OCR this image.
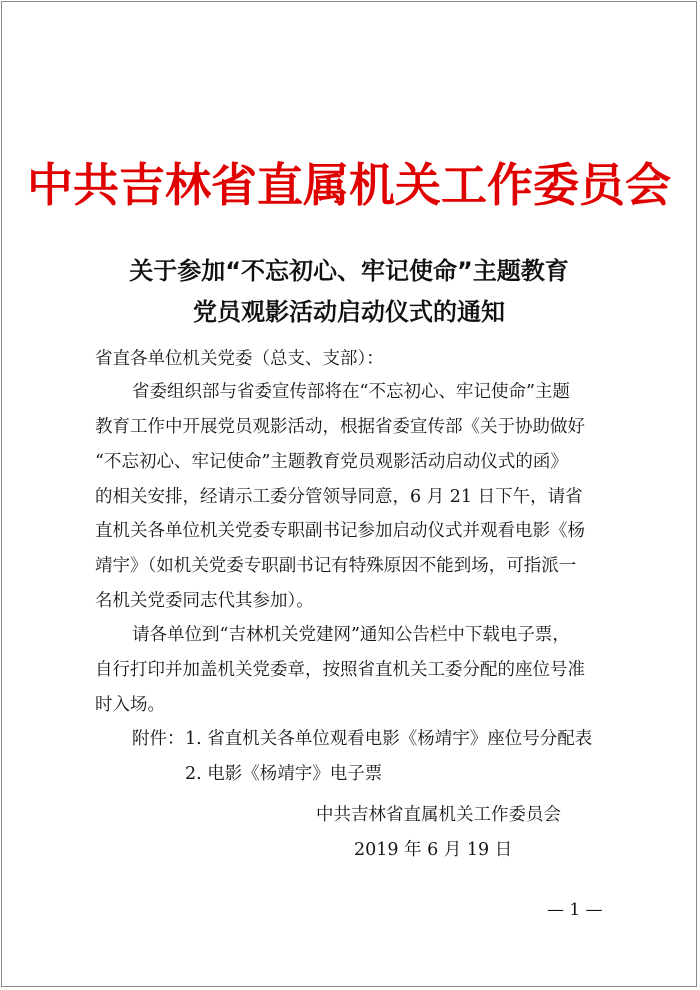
中共吉林省直属机关工作委员会
关于参加“不忘初心、牢记使命”主题教育
党员观影活动启动仪式的通知
省直各单位机关党委（总支、支部）：
省委组织部与省委宣传部将在“不忘初心、牢记使命”主题
教育工作中开展党员观影活动，根据省委宣传部《关于协助做好
“不忘初心、牢记使命”主题教育党员观影活动启动仪式的函》
的相关安排，经请示工委分管领导同意，6 月 21 日下午，请省
直机关各单位机关党委专职副书记参加启动仪式并观看电影《杨
靖宇》（如机关党委专职副书记有特殊原因不能到场，可指派一
名机关党委同志代其参加）。
请各单位到“吉林机关党建网”通知公告栏中下载电子票，
自行打印并加盖机关党委章，按照省直机关工委分配的座位号准
时入场。
附件： 1. 省直机关各单位观看电影《杨靖宇》座位号分配表
2. 电影《杨靖宇》电子票
中共吉林省直属机关工作委员会
2019 年 6 月 19 日
— 1 —
